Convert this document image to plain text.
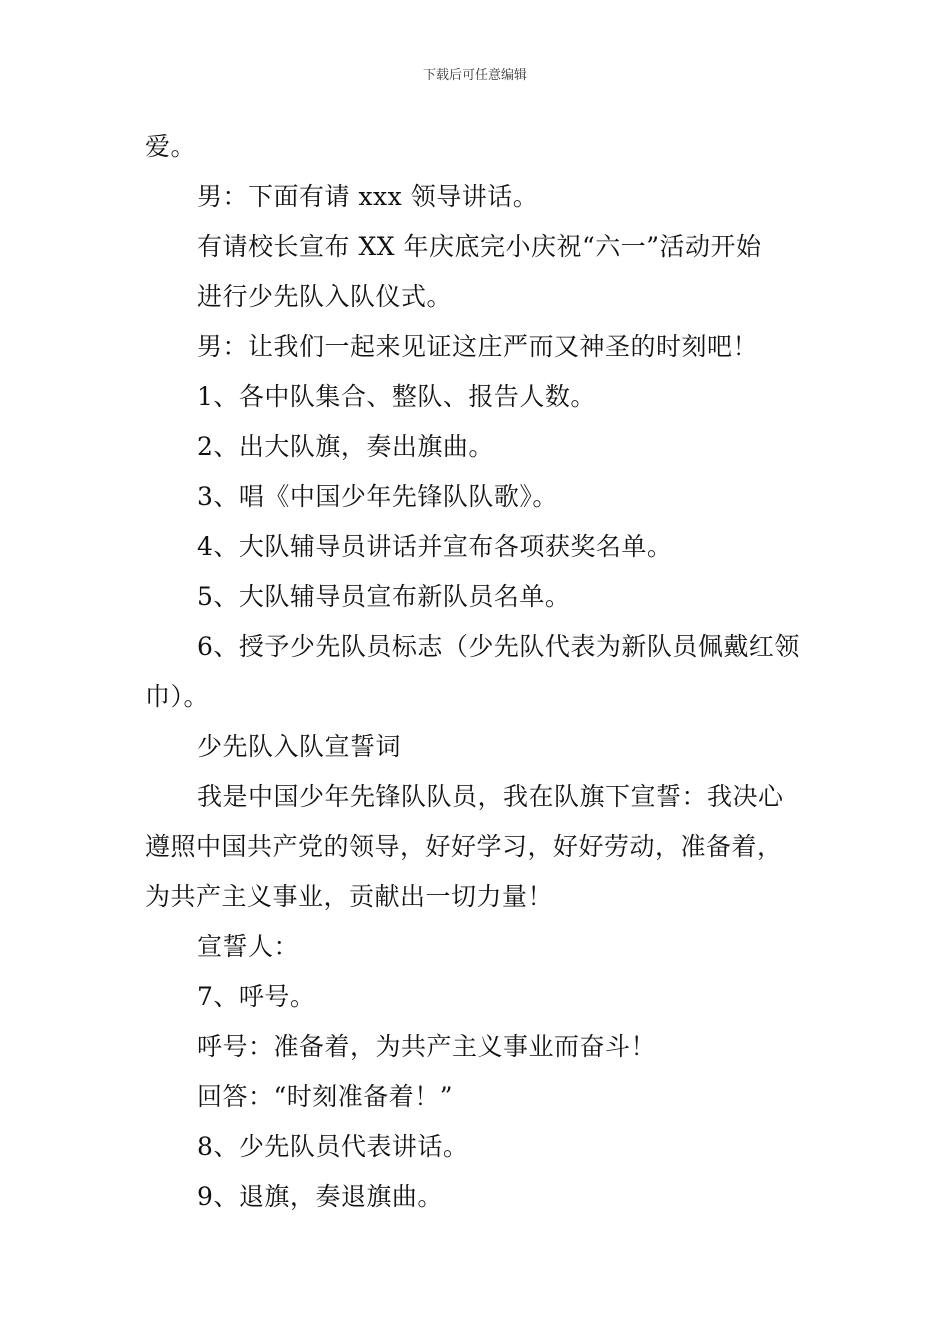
下载后可任意编辑
爱。
男：下面有请 xxx 领导讲话。
有请校长宣布 XX 年庆底完小庆祝“六一”活动开始
进行少先队入队仪式。
男：让我们一起来见证这庄严而又神圣的时刻吧！
1、各中队集合、整队、报告人数。
2、出大队旗，奏出旗曲。
3、唱《中国少年先锋队队歌》。
4、大队辅导员讲话并宣布各项获奖名单。
5、大队辅导员宣布新队员名单。
6、授予少先队员标志（少先队代表为新队员佩戴红领
巾）。
少先队入队宣誓词
我是中国少年先锋队队员，我在队旗下宣誓：我决心
遵照中国共产党的领导，好好学习，好好劳动，准备着，
为共产主义事业，贡献出一切力量！
宣誓人：
7、呼号。
呼号：准备着，为共产主义事业而奋斗！
回答：“时刻准备着！”
8、少先队员代表讲话。
9、退旗，奏退旗曲。
